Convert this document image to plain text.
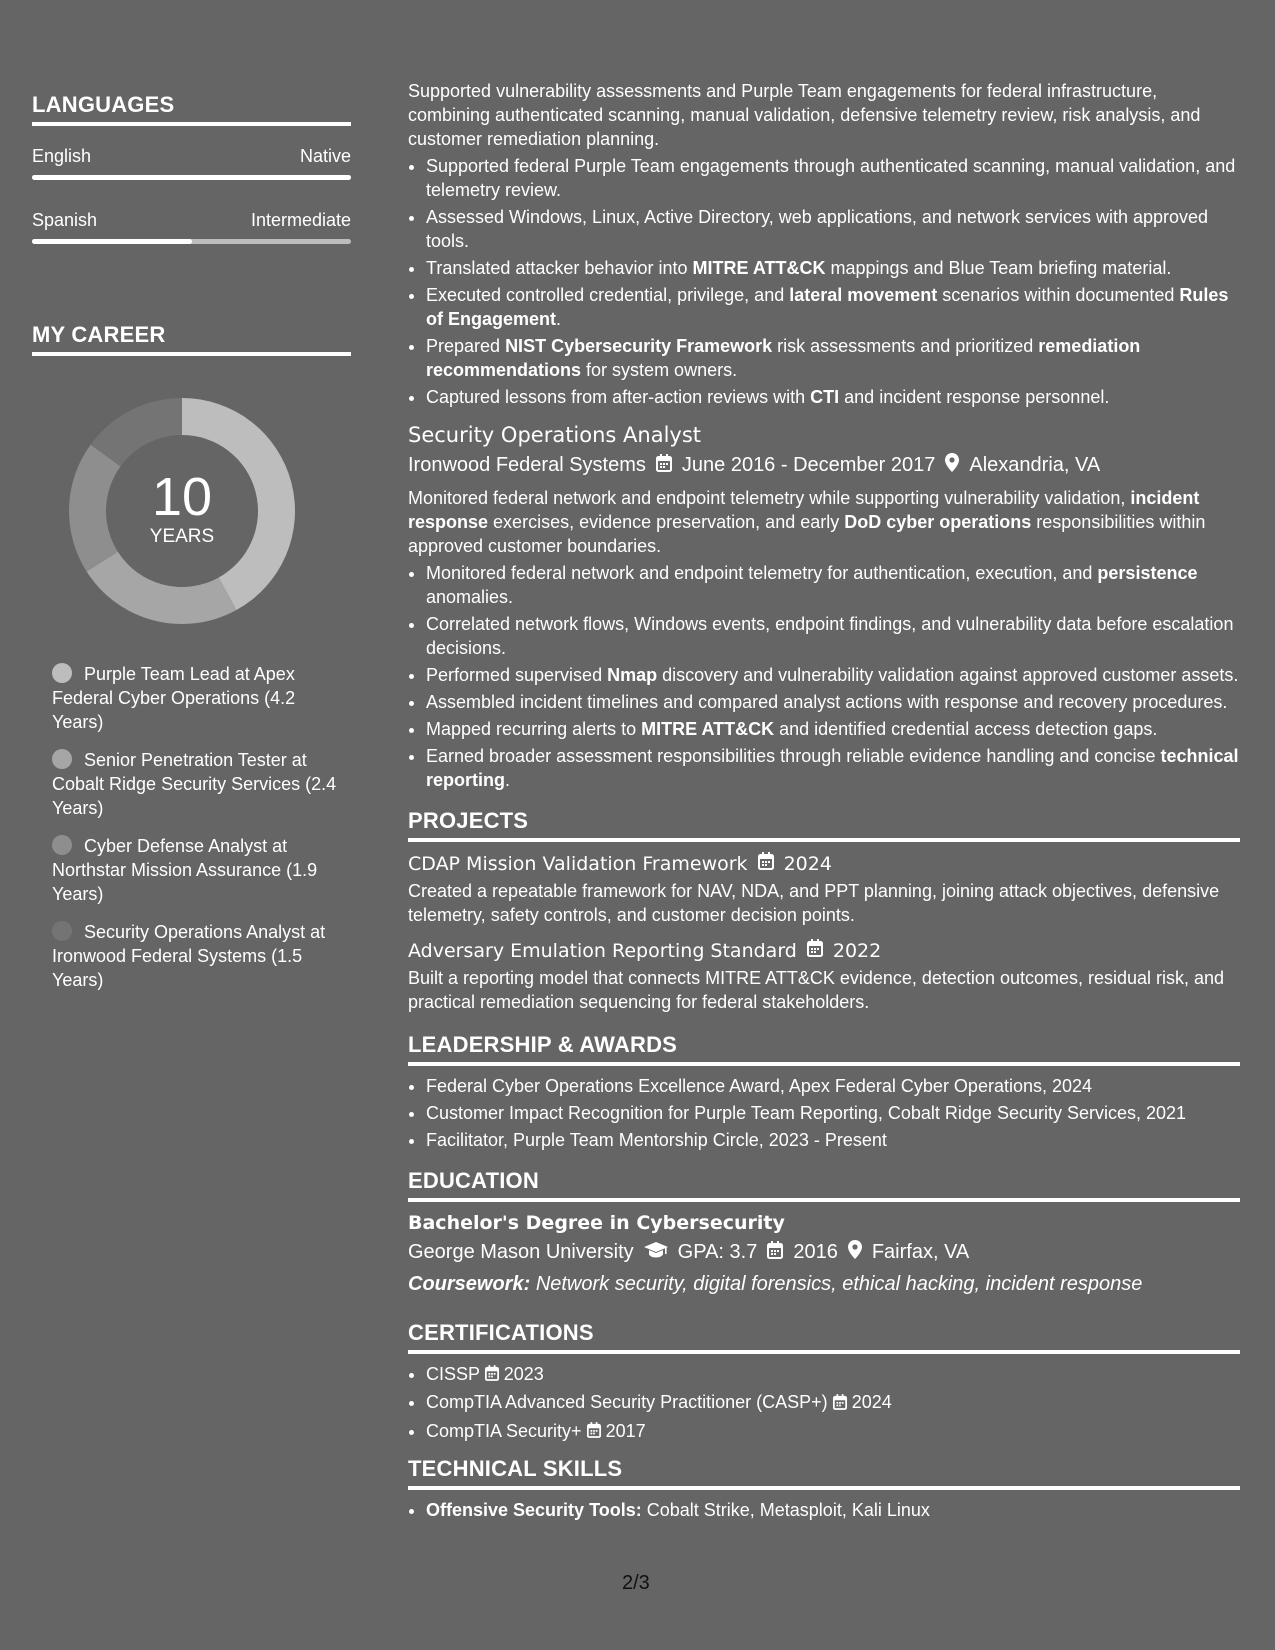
LANGUAGES
English	Native
Spanish	Intermediate
MY CAREER
10
YEARS
Purple Team Lead at Apex Federal Cyber Operations (4.2 Years)
Senior Penetration Tester at Cobalt Ridge Security Services (2.4 Years)
Cyber Defense Analyst at Northstar Mission Assurance (1.9 Years)
Security Operations Analyst at Ironwood Federal Systems (1.5 Years)

Supported vulnerability assessments and Purple Team engagements for federal infrastructure, combining authenticated scanning, manual validation, defensive telemetry review, risk analysis, and customer remediation planning.

• Supported federal Purple Team engagements through authenticated scanning, manual validation, and telemetry review.
• Assessed Windows, Linux, Active Directory, web applications, and network services with approved tools.
• Translated attacker behavior into MITRE ATT&CK mappings and Blue Team briefing material.
• Executed controlled credential, privilege, and lateral movement scenarios within documented Rules of Engagement.
• Prepared NIST Cybersecurity Framework risk assessments and prioritized remediation recommendations for system owners.
• Captured lessons from after-action reviews with CTI and incident response personnel.
Security Operations Analyst
Ironwood Federal Systems June 2016 - December 2017 Alexandria, VA

Monitored federal network and endpoint telemetry while supporting vulnerability validation, incident response exercises, evidence preservation, and early DoD cyber operations responsibilities within approved customer boundaries.

• Monitored federal network and endpoint telemetry for authentication, execution, and persistence anomalies.
• Correlated network flows, Windows events, endpoint findings, and vulnerability data before escalation decisions.
• Performed supervised Nmap discovery and vulnerability validation against approved customer assets.
• Assembled incident timelines and compared analyst actions with response and recovery procedures.
• Mapped recurring alerts to MITRE ATT&CK and identified credential access detection gaps.
• Earned broader assessment responsibilities through reliable evidence handling and concise technical reporting.
PROJECTS
CDAP Mission Validation Framework 2024

Created a repeatable framework for NAV, NDA, and PPT planning, joining attack objectives, defensive telemetry, safety controls, and customer decision points.

Adversary Emulation Reporting Standard 2022

Built a reporting model that connects MITRE ATT&CK evidence, detection outcomes, residual risk, and practical remediation sequencing for federal stakeholders.

LEADERSHIP & AWARDS
• Federal Cyber Operations Excellence Award, Apex Federal Cyber Operations, 2024
• Customer Impact Recognition for Purple Team Reporting, Cobalt Ridge Security Services, 2021
• Facilitator, Purple Team Mentorship Circle, 2023 - Present
EDUCATION
Bachelor's Degree in Cybersecurity
George Mason University GPA: 3.7 2016 Fairfax, VA
Coursework: Network security, digital forensics, ethical hacking, incident response
CERTIFICATIONS
• CISSP 2023
• CompTIA Advanced Security Practitioner (CASP+) 2024
• CompTIA Security+ 2017
TECHNICAL SKILLS
• Offensive Security Tools: Cobalt Strike, Metasploit, Kali Linux
2/3
